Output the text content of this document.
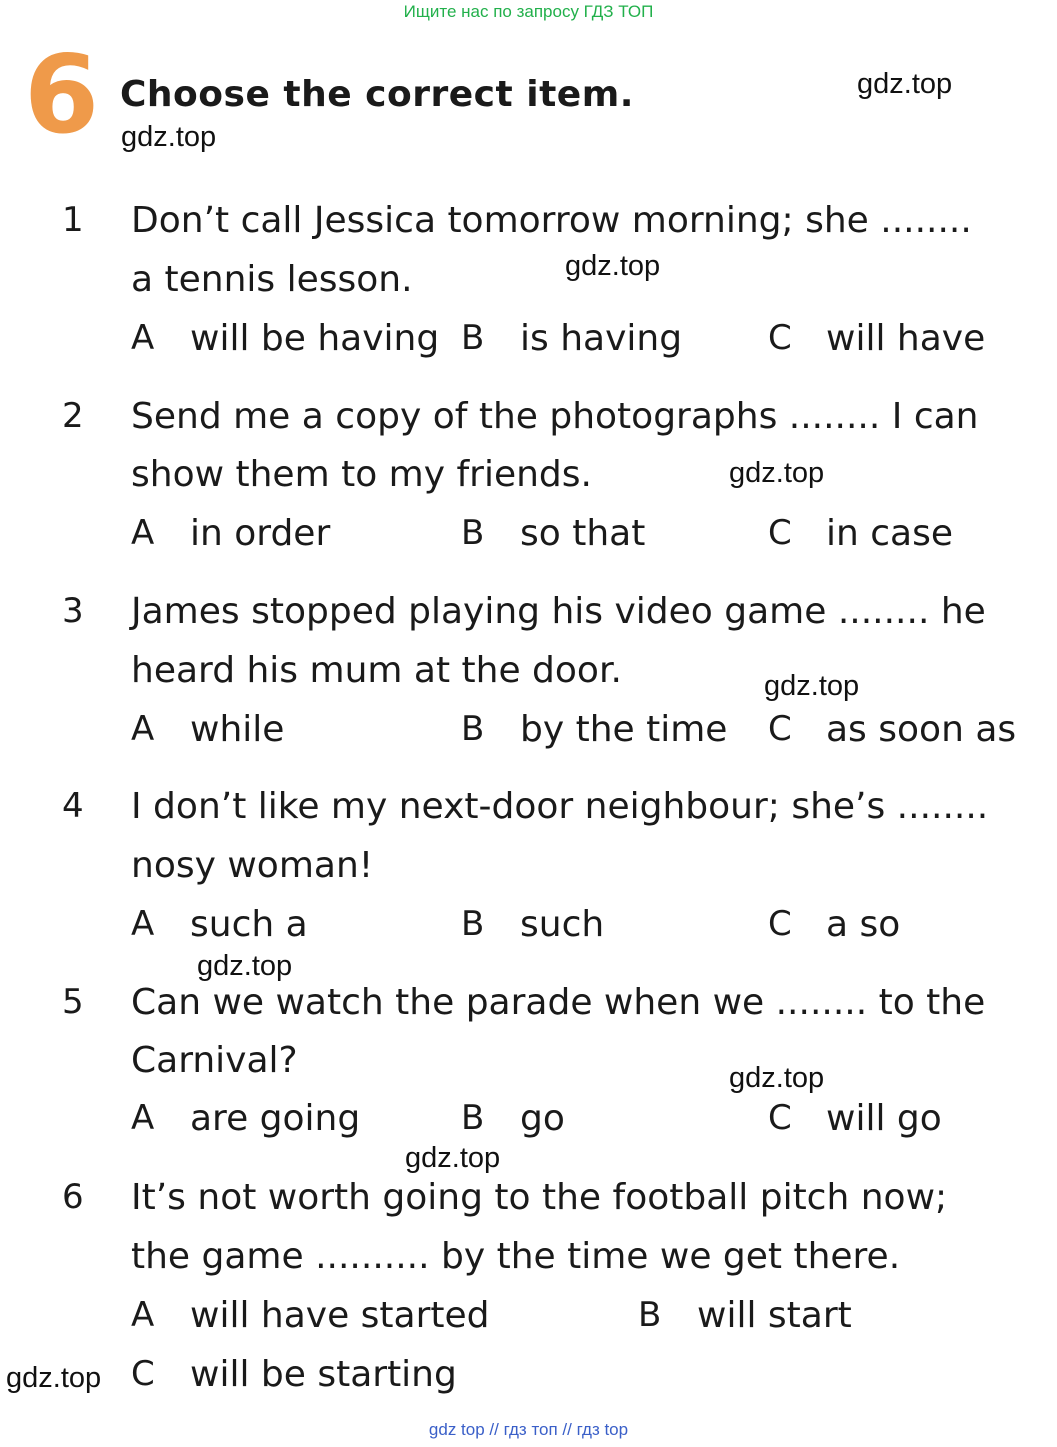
Ищите нас по запросу ГДЗ ТОП
6 Choose the correct item.
1 Don’t call Jessica tomorrow morning; she ........
a tennis lesson.
A will be having B is having	C will have
2 Send me a copy of the photographs ........ I can
show them to my friends.
A in order	B so that	C in case
3 James stopped playing his video game ........ he
heard his mum at the door.
A while	B by the time C as soon as
4 I don’t like my next-door neighbour; she’s ........
nosy woman!
A such a	B such	C a so
5 Can we watch the parade when we ........ to the
Carnival?
A are going	B go	C will go
6 It’s not worth going to the football pitch now;
the game .......... by the time we get there.
A will have started	B will start
C will be starting
gdz.top
gdz.top
gdz.top
gdz.top
gdz.top
gdz.top
gdz.top
gdz.top
gdz.top
gdz top // гдз топ // гдз top
